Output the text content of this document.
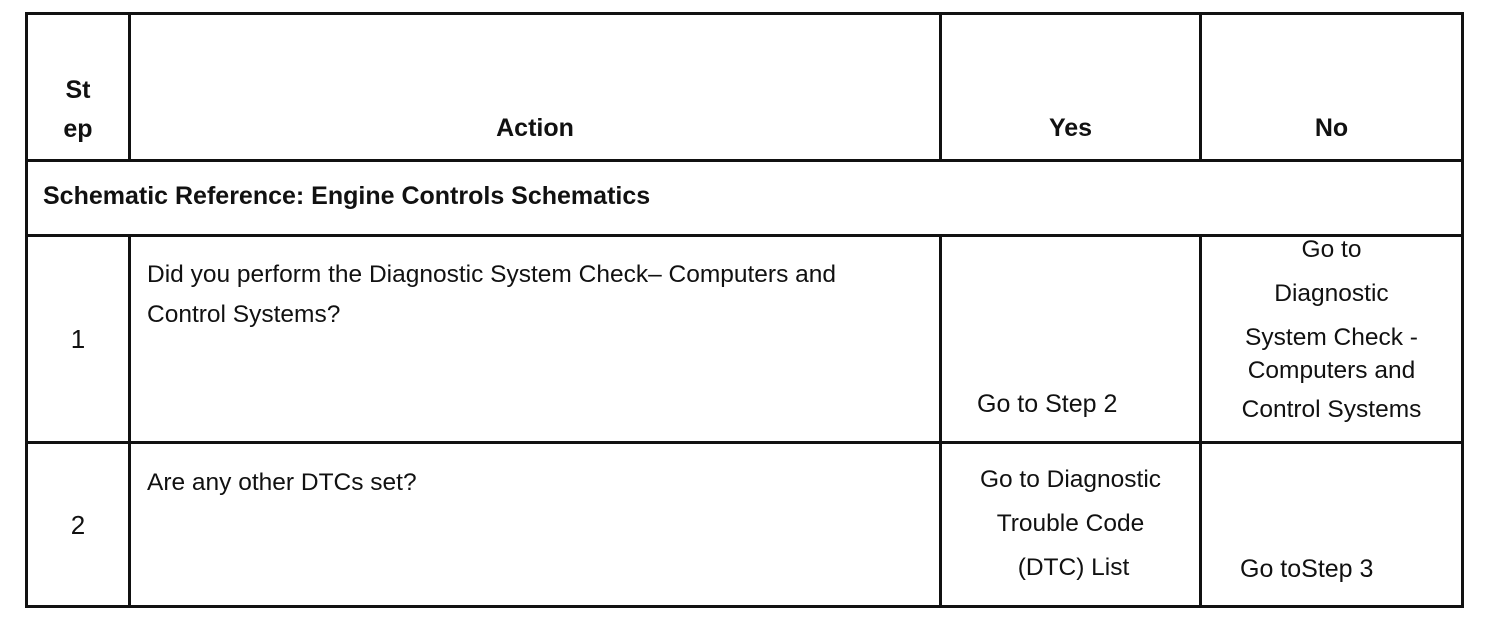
St
ep	Action	Yes	No

Schematic Reference: Engine Controls Schematics			

1	Did you perform the Diagnostic System Check– Computers and Control Systems?	Go to Step 2	Go to
Diagnostic
System Check -
Computers and
Control Systems

2	Are any other DTCs set?	Go to Diagnostic
Trouble Code
(DTC) List	Go toStep 3
